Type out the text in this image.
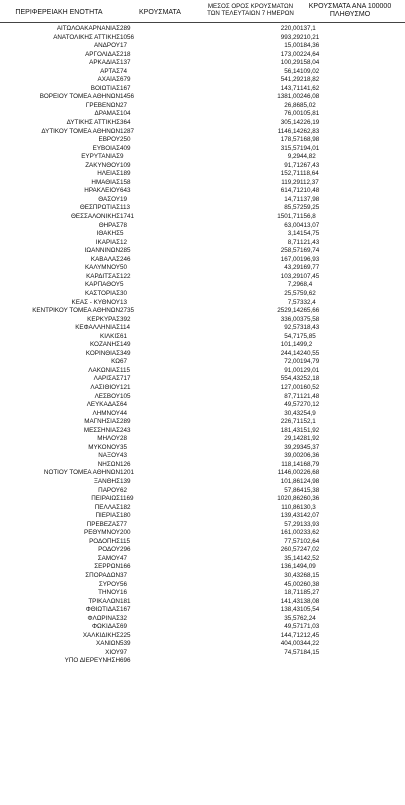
ΠΕΡΙΦΕΡΕΙΑΚΗ ΕΝΟΤΗΤΑ	ΚΡΟΥΣΜΑΤΑ
ΜΕΣΟΣ ΟΡΟΣ ΚΡΟΥΣΜΑΤΩΝ
ΤΩΝ ΤΕΛΕΥΤΑΙΩΝ 7 ΗΜΕΡΩΝ
ΚΡΟΥΣΜΑΤΑ ΑΝΑ 100000
ΠΛΗΘΥΣΜΟ
ΑΙΤΩΛΟΑΚΑΡΝΑΝΙΑΣ	289	220,00	137,1
ΑΝΑΤΟΛΙΚΗΣ ΑΤΤΙΚΗΣ	1056	993,29	210,21
ΑΝΔΡΟΥ	17	15,00	184,36
ΑΡΓΟΛΙΔΑΣ	218	173,00	224,64
ΑΡΚΑΔΙΑΣ	137	100,29	158,04
ΑΡΤΑΣ	74	56,14	109,02
ΑΧΑΪΑΣ	679	541,29	218,82
ΒΟΙΩΤΙΑΣ	167	143,71	141,62
ΒΟΡΕΙΟΥ ΤΟΜΕΑ ΑΘΗΝΩΝ	1456	1381,00	246,08
ΓΡΕΒΕΝΩΝ	27	26,86	85,02
ΔΡΑΜΑΣ	104	76,00	105,81
ΔΥΤΙΚΗΣ ΑΤΤΙΚΗΣ	364	305,14	226,19
ΔΥΤΙΚΟΥ ΤΟΜΕΑ ΑΘΗΝΩΝ	1287	1146,14	262,83
ΕΒΡΟΥ	250	178,57	168,98
ΕΥΒΟΙΑΣ	409	315,57	194,01
ΕΥΡΥΤΑΝΙΑΣ	9	9,29	44,82
ΖΑΚΥΝΘΟΥ	109	91,71	267,43
ΗΛΕΙΑΣ	189	152,71	118,64
ΗΜΑΘΙΑΣ	158	119,29	112,37
ΗΡΑΚΛΕΙΟΥ	643	614,71	210,48
ΘΑΣΟΥ	19	14,71	137,98
ΘΕΣΠΡΩΤΙΑΣ	113	85,57	259,25
ΘΕΣΣΑΛΟΝΙΚΗΣ	1741	1501,71	156,8
ΘΗΡΑΣ	78	63,00	413,07
ΙΘΑΚΗΣ	5	3,14	154,75
ΙΚΑΡΙΑΣ	12	8,71	121,43
ΙΩΑΝΝΙΝΩΝ	285	258,57	169,74
ΚΑΒΑΛΑΣ	246	167,00	196,93
ΚΑΛΥΜΝΟΥ	50	43,29	169,77
ΚΑΡΔΙΤΣΑΣ	122	103,29	107,45
ΚΑΡΠΑΘΟΥ	5	7,29	68,4
ΚΑΣΤΟΡΙΑΣ	30	25,57	59,62
ΚΕΑΣ - ΚΥΘΝΟΥ	13	7,57	332,4
ΚΕΝΤΡΙΚΟΥ ΤΟΜΕΑ ΑΘΗΝΩΝ	2735	2529,14	265,66
ΚΕΡΚΥΡΑΣ	392	336,00	375,58
ΚΕΦΑΛΛΗΝΙΑΣ	114	92,57	318,43
ΚΙΛΚΙΣ	61	54,71	75,85
ΚΟΖΑΝΗΣ	149	101,14	99,2
ΚΟΡΙΝΘΙΑΣ	349	244,14	240,55
ΚΩ	67	72,00	194,79
ΛΑΚΩΝΙΑΣ	115	91,00	129,01
ΛΑΡΙΣΑΣ	717	554,43	252,18
ΛΑΣΙΘΙΟΥ	121	127,00	160,52
ΛΕΣΒΟΥ	105	87,71	121,48
ΛΕΥΚΑΔΑΣ	64	49,57	270,12
ΛΗΜΝΟΥ	44	30,43	254,9
ΜΑΓΝΗΣΙΑΣ	289	226,71	152,1
ΜΕΣΣΗΝΙΑΣ	243	181,43	151,92
ΜΗΛΟΥ	28	29,14	281,92
ΜΥΚΟΝΟΥ	35	39,29	345,37
ΝΑΞΟΥ	43	39,00	206,36
ΝΗΣΩΝ	126	118,14	168,79
ΝΟΤΙΟΥ ΤΟΜΕΑ ΑΘΗΝΩΝ	1201	1146,00	226,68
ΞΑΝΘΗΣ	139	101,86	124,98
ΠΑΡΟΥ	62	57,86	415,38
ΠΕΙΡΑΙΩΣ	1169	1020,86	260,36
ΠΕΛΛΑΣ	182	110,86	130,3
ΠΙΕΡΙΑΣ	180	139,43	142,07
ΠΡΕΒΕΖΑΣ	77	57,29	133,93
ΡΕΘΥΜΝΟΥ	200	161,00	233,62
ΡΟΔΟΠΗΣ	115	77,57	102,64
ΡΟΔΟΥ	296	260,57	247,02
ΣΑΜΟΥ	47	35,14	142,52
ΣΕΡΡΩΝ	166	136,14	94,09
ΣΠΟΡΑΔΩΝ	37	30,43	268,15
ΣΥΡΟΥ	56	45,00	260,38
ΤΗΝΟΥ	16	18,71	185,27
ΤΡΙΚΑΛΩΝ	181	141,43	138,08
ΦΘΙΩΤΙΔΑΣ	167	138,43	105,54
ΦΛΩΡΙΝΑΣ	32	35,57	62,24
ΦΩΚΙΔΑΣ	69	49,57	171,03
ΧΑΛΚΙΔΙΚΗΣ	225	144,71	212,45
ΧΑΝΙΩΝ	539	404,00	344,22
ΧΙΟΥ	97	74,57	184,15
ΥΠΟ ΔΙΕΡΕΥΝΗΣΗ	696		
